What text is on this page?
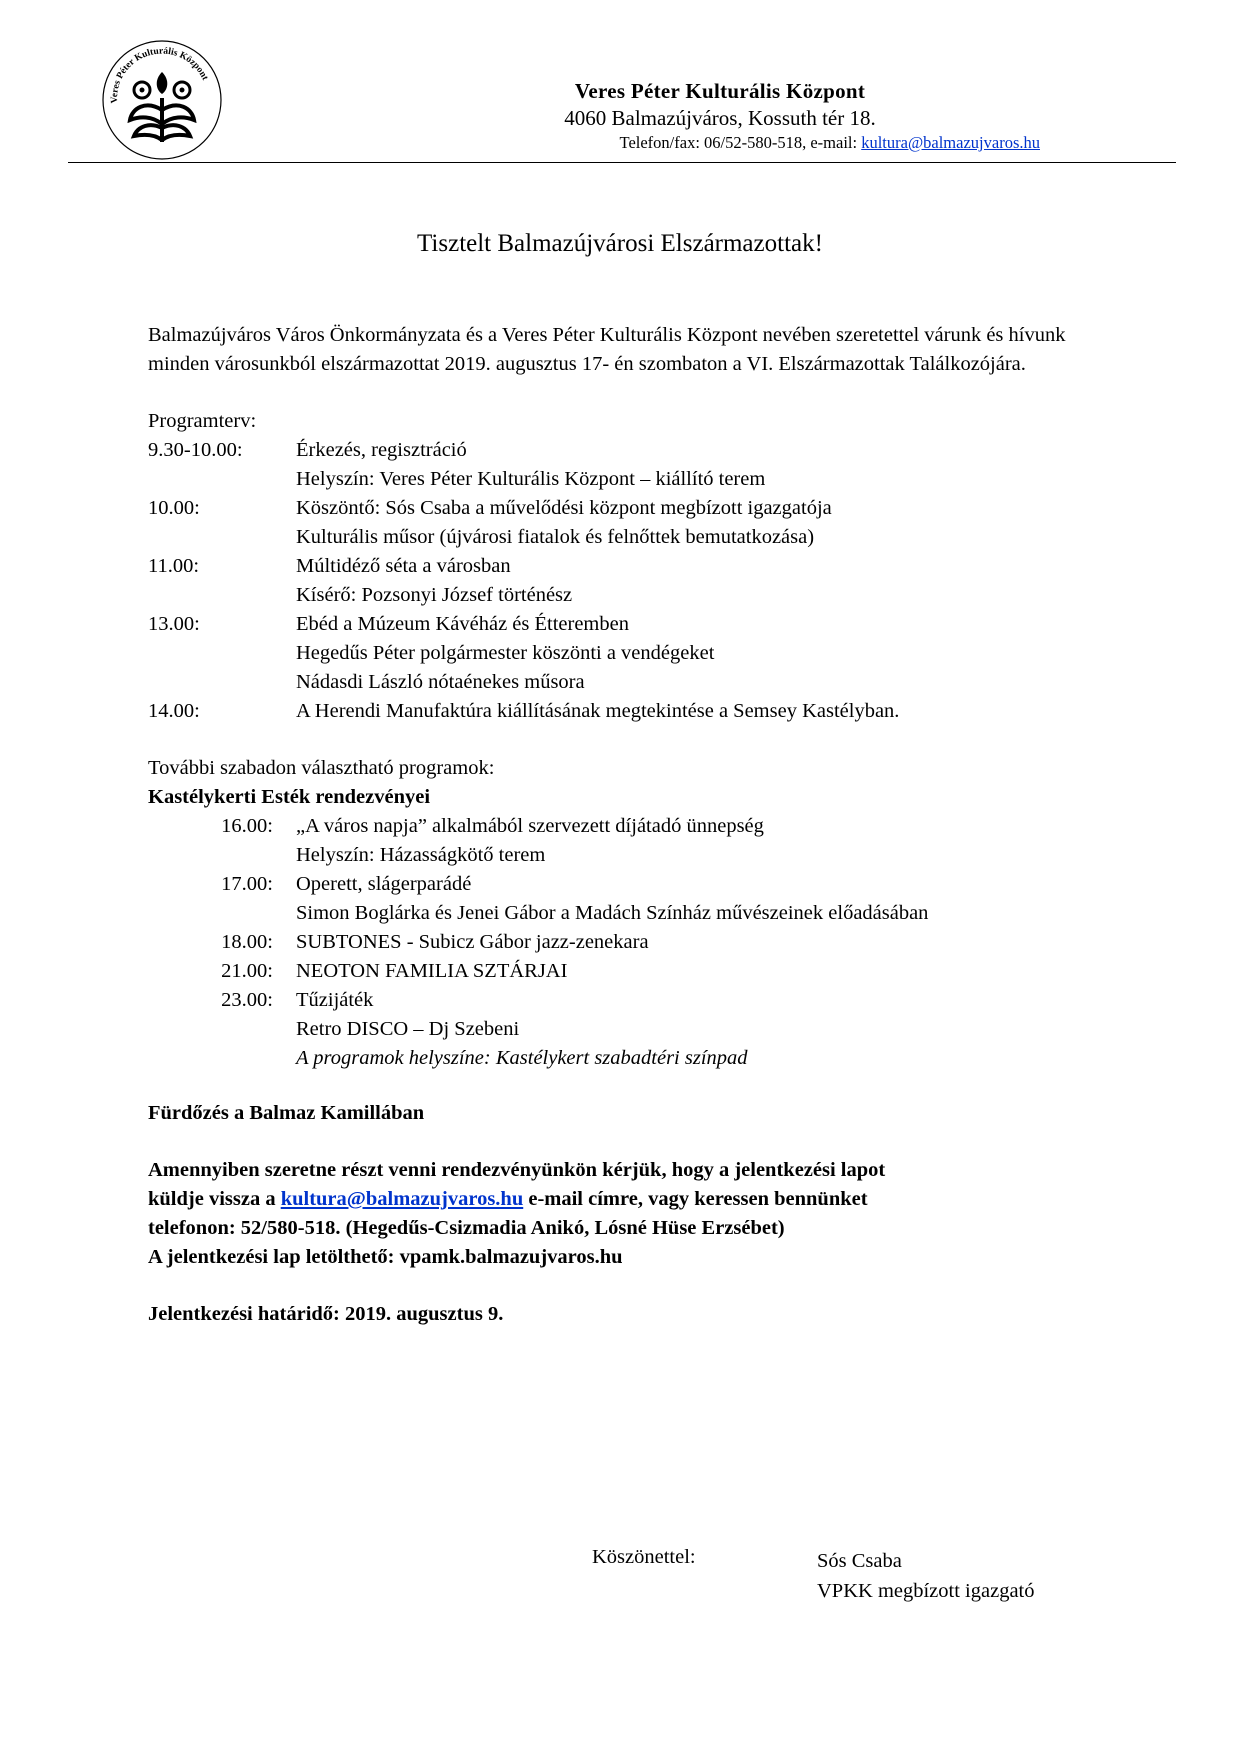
Veres Péter Kulturális Központ
Veres Péter Kulturális Központ
4060 Balmazújváros, Kossuth tér 18.
Telefon/fax: 06/52-580-518, e-mail: kultura@balmazujvaros.hu
Tisztelt Balmazújvárosi Elszármazottak!

Balmazújváros Város Önkormányzata és a Veres Péter Kulturális Központ nevében szeretettel várunk és hívunk minden városunkból elszármazottat 2019. augusztus 17- én szombaton a VI. Elszármazottak Találkozójára.

Programterv:
9.30-10.00:	Érkezés, regisztráció
Helyszín: Veres Péter Kulturális Központ – kiállító terem
10.00:	Köszöntő: Sós Csaba a művelődési központ megbízott igazgatója
Kulturális műsor (újvárosi fiatalok és felnőttek bemutatkozása)
11.00:	Múltidéző séta a városban
Kísérő: Pozsonyi József történész
13.00:	Ebéd a Múzeum Kávéház és Étteremben
Hegedűs Péter polgármester köszönti a vendégeket
Nádasdi László nótaénekes műsora
14.00:	A Herendi Manufaktúra kiállításának megtekintése a Semsey Kastélyban.
További szabadon választható programok:
Kastélykerti Esték rendezvényei
16.00:	„A város napja” alkalmából szervezett díjátadó ünnepség
Helyszín: Házasságkötő terem
17.00:	Operett, slágerparádé
Simon Boglárka és Jenei Gábor a Madách Színház művészeinek előadásában
18.00:	SUBTONES - Subicz Gábor jazz-zenekara
21.00:	NEOTON FAMILIA SZTÁRJAI
23.00:	Tűzijáték
Retro DISCO – Dj Szebeni
A programok helyszíne: Kastélykert szabadtéri színpad
Fürdőzés a Balmaz Kamillában
Amennyiben szeretne részt venni rendezvényünkön kérjük, hogy a jelentkezési lapot
küldje vissza a kultura@balmazujvaros.hu e-mail címre, vagy keressen bennünket
telefonon: 52/580-518. (Hegedűs-Csizmadia Anikó, Lósné Hüse Erzsébet)
A jelentkezési lap letölthető: vpamk.balmazujvaros.hu
Jelentkezési határidő: 2019. augusztus 9.
Köszönettel:	Sós Csaba
VPKK megbízott igazgató
